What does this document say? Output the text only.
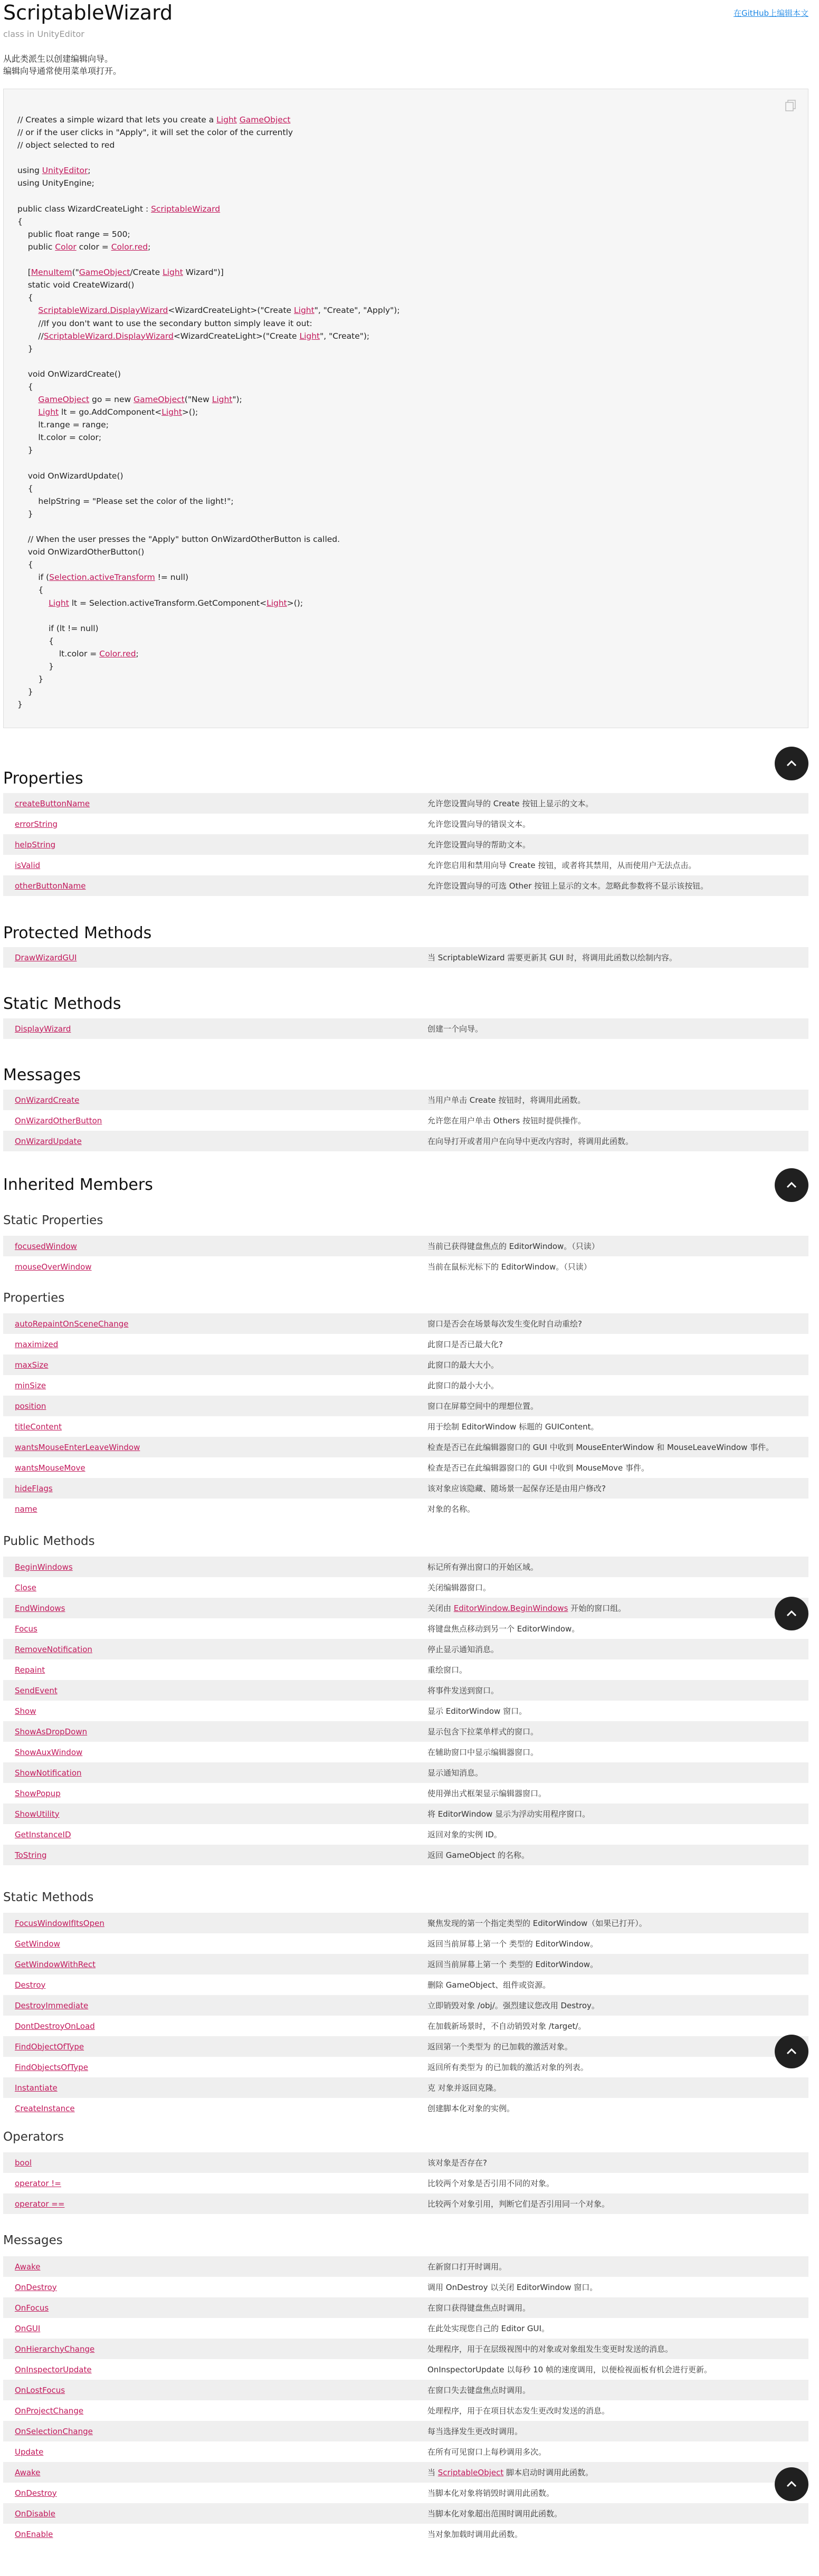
ScriptableWizard
class in UnityEditor
在GitHub上编辑本文
从此类派生以创建编辑向导。
编辑向导通常使用菜单项打开。
// Creates a simple wizard that lets you create a Light GameObject
// or if the user clicks in "Apply", it will set the color of the currently
// object selected to red

using UnityEditor;
using UnityEngine;

public class WizardCreateLight : ScriptableWizard
{
public float range = 500;
public Color color = Color.red;

[MenuItem("GameObject/Create Light Wizard")]
static void CreateWizard()
{
ScriptableWizard.DisplayWizard<WizardCreateLight>("Create Light", "Create", "Apply");
//If you don't want to use the secondary button simply leave it out:
//ScriptableWizard.DisplayWizard<WizardCreateLight>("Create Light", "Create");
}

void OnWizardCreate()
{
GameObject go = new GameObject("New Light");
Light lt = go.AddComponent<Light>();
lt.range = range;
lt.color = color;
}

void OnWizardUpdate()
{
helpString = "Please set the color of the light!";
}

// When the user presses the "Apply" button OnWizardOtherButton is called.
void OnWizardOtherButton()
{
if (Selection.activeTransform != null)
{
Light lt = Selection.activeTransform.GetComponent<Light>();

if (lt != null)
{
lt.color = Color.red;
}
}
}
}
Properties
createButtonName	允许您设置向导的 Create 按钮上显示的文本。
errorString	允许您设置向导的错误文本。
helpString	允许您设置向导的帮助文本。
isValid	允许您启用和禁用向导 Create 按钮，或者将其禁用，从而使用户无法点击。
otherButtonName	允许您设置向导的可选 Other 按钮上显示的文本。忽略此参数将不显示该按钮。
Protected Methods
DrawWizardGUI	当 ScriptableWizard 需要更新其 GUI 时，将调用此函数以绘制内容。
Static Methods
DisplayWizard	创建一个向导。
Messages
OnWizardCreate	当用户单击 Create 按钮时，将调用此函数。
OnWizardOtherButton	允许您在用户单击 Others 按钮时提供操作。
OnWizardUpdate	在向导打开或者用户在向导中更改内容时，将调用此函数。
Inherited Members
Static Properties
focusedWindow	当前已获得键盘焦点的 EditorWindow。（只读）
mouseOverWindow	当前在鼠标光标下的 EditorWindow。（只读）
Properties
autoRepaintOnSceneChange	窗口是否会在场景每次发生变化时自动重绘?
maximized	此窗口是否已最大化?
maxSize	此窗口的最大大小。
minSize	此窗口的最小大小。
position	窗口在屏幕空间中的理想位置。
titleContent	用于绘制 EditorWindow 标题的 GUIContent。
wantsMouseEnterLeaveWindow	检查是否已在此编辑器窗口的 GUI 中收到 MouseEnterWindow 和 MouseLeaveWindow 事件。
wantsMouseMove	检查是否已在此编辑器窗口的 GUI 中收到 MouseMove 事件。
hideFlags	该对象应该隐藏、随场景一起保存还是由用户修改?
name	对象的名称。
Public Methods
BeginWindows	标记所有弹出窗口的开始区域。
Close	关闭编辑器窗口。
EndWindows	关闭由 EditorWindow.BeginWindows 开始的窗口组。
Focus	将键盘焦点移动到另一个 EditorWindow。
RemoveNotification	停止显示通知消息。
Repaint	重绘窗口。
SendEvent	将事件发送到窗口。
Show	显示 EditorWindow 窗口。
ShowAsDropDown	显示包含下拉菜单样式的窗口。
ShowAuxWindow	在辅助窗口中显示编辑器窗口。
ShowNotification	显示通知消息。
ShowPopup	使用弹出式框架显示编辑器窗口。
ShowUtility	将 EditorWindow 显示为浮动实用程序窗口。
GetInstanceID	返回对象的实例 ID。
ToString	返回 GameObject 的名称。
Static Methods
FocusWindowIfItsOpen	聚焦发现的第一个指定类型的 EditorWindow（如果已打开）。
GetWindow	返回当前屏幕上第一个 类型的 EditorWindow。
GetWindowWithRect	返回当前屏幕上第一个 类型的 EditorWindow。
Destroy	删除 GameObject、组件或资源。
DestroyImmediate	立即销毁对象 /obj/。强烈建议您改用 Destroy。
DontDestroyOnLoad	在加载新场景时，不自动销毁对象 /target/。
FindObjectOfType	返回第一个类型为 的已加载的激活对象。
FindObjectsOfType	返回所有类型为 的已加载的激活对象的列表。
Instantiate	克 对象并返回克隆。
CreateInstance	创建脚本化对象的实例。
Operators
bool	该对象是否存在?
operator !=	比较两个对象是否引用不同的对象。
operator ==	比较两个对象引用，判断它们是否引用同一个对象。
Messages
Awake	在新窗口打开时调用。
OnDestroy	调用 OnDestroy 以关闭 EditorWindow 窗口。
OnFocus	在窗口获得键盘焦点时调用。
OnGUI	在此处实现您自己的 Editor GUI。
OnHierarchyChange	处理程序，用于在层级视图中的对象或对象组发生变更时发送的消息。
OnInspectorUpdate	OnInspectorUpdate 以每秒 10 帧的速度调用，以便检视面板有机会进行更新。
OnLostFocus	在窗口失去键盘焦点时调用。
OnProjectChange	处理程序，用于在项目状态发生更改时发送的消息。
OnSelectionChange	每当选择发生更改时调用。
Update	在所有可见窗口上每秒调用多次。
Awake	当 ScriptableObject 脚本启动时调用此函数。
OnDestroy	当脚本化对象将销毁时调用此函数。
OnDisable	当脚本化对象超出范围时调用此函数。
OnEnable	当对象加载时调用此函数。
